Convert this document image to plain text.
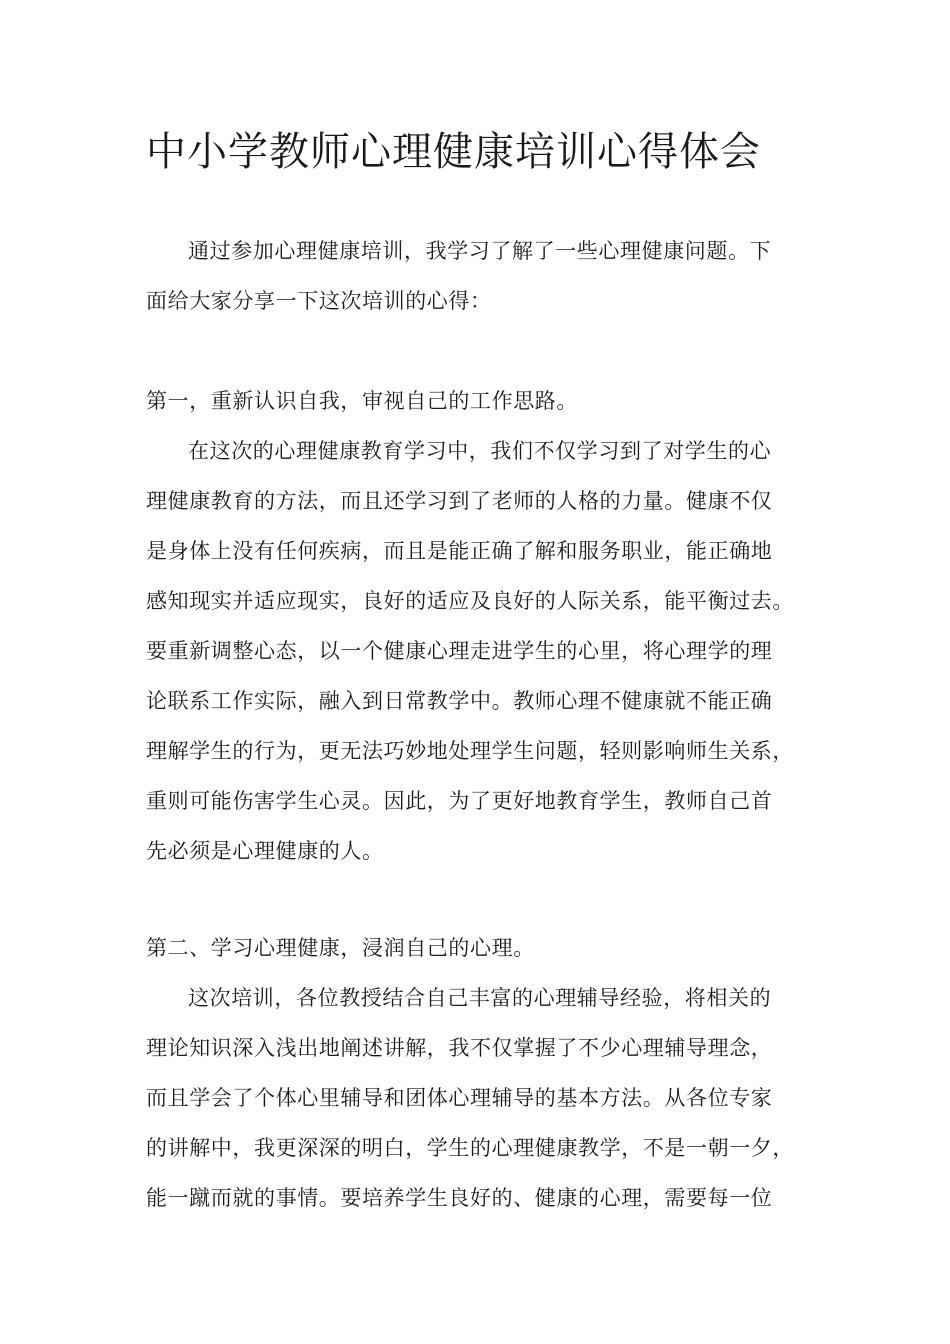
中小学教师心理健康培训心得体会
通过参加心理健康培训，我学习了解了一些心理健康问题。下
面给大家分享一下这次培训的心得：
第一，重新认识自我，审视自己的工作思路。
在这次的心理健康教育学习中，我们不仅学习到了对学生的心
理健康教育的方法，而且还学习到了老师的人格的力量。健康不仅
是身体上没有任何疾病，而且是能正确了解和服务职业，能正确地
感知现实并适应现实，良好的适应及良好的人际关系，能平衡过去。
要重新调整心态，以一个健康心理走进学生的心里，将心理学的理
论联系工作实际，融入到日常教学中。教师心理不健康就不能正确
理解学生的行为，更无法巧妙地处理学生问题，轻则影响师生关系，
重则可能伤害学生心灵。因此，为了更好地教育学生，教师自己首
先必须是心理健康的人。
第二、学习心理健康，浸润自己的心理。
这次培训，各位教授结合自己丰富的心理辅导经验，将相关的
理论知识深入浅出地阐述讲解，我不仅掌握了不少心理辅导理念，
而且学会了个体心里辅导和团体心理辅导的基本方法。从各位专家
的讲解中，我更深深的明白，学生的心理健康教学，不是一朝一夕，
能一蹴而就的事情。要培养学生良好的、健康的心理，需要每一位
